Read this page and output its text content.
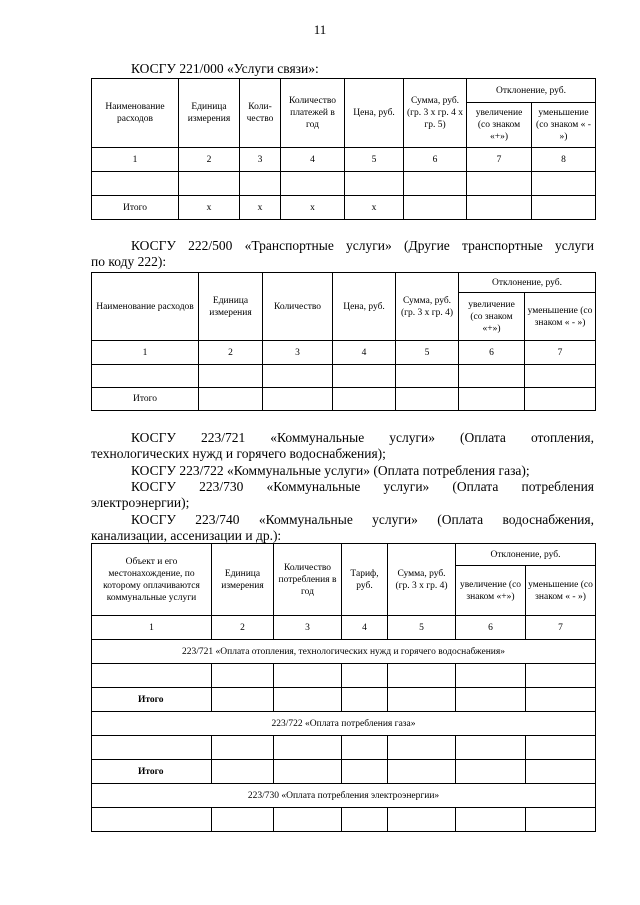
11
КОСГУ 221/000 «Услуги связи»:
Наименование расходов	Единица измерения	Коли-чество	Количество платежей в год	Цена, руб.	Сумма, руб. (гр. 3 х гр. 4 х гр. 5)	Отклонение, руб.	
						увеличение (со знаком «+»)	уменьшение (со знаком « - »)
1	2	3	4	5	6	7	8

Итого	х	х	х	х			
КОСГУ 222/500 «Транспортные услуги» (Другие транспортные услуги
по коду 222):
Наименование расходов	Единица измерения	Количество	Цена, руб.	Сумма, руб. (гр. 3 х гр. 4)	Отклонение, руб.	
					увеличение (со знаком «+»)	уменьшение (со знаком « - »)
1	2	3	4	5	6	7

Итого						
КОСГУ 223/721 «Коммунальные услуги» (Оплата отопления,
технологических нужд и горячего водоснабжения);
КОСГУ 223/722 «Коммунальные услуги» (Оплата потребления газа);
КОСГУ 223/730 «Коммунальные услуги» (Оплата потребления
электроэнергии);
КОСГУ 223/740 «Коммунальные услуги» (Оплата водоснабжения,
канализации, ассенизации и др.):
Объект и его местонахождение, по которому оплачиваются коммунальные услуги	Единица измерения	Количество потребления в год	Тариф, руб.	Сумма, руб. (гр. 3 х гр. 4)	Отклонение, руб.	
					увеличение (со знаком «+»)	уменьшение (со знаком « - »)
1	2	3	4	5	6	7
223/721 «Оплата отопления, технологических нужд и горячего водоснабжения»						

Итого						
223/722 «Оплата потребления газа»						

Итого						
223/730 «Оплата потребления электроэнергии»						
